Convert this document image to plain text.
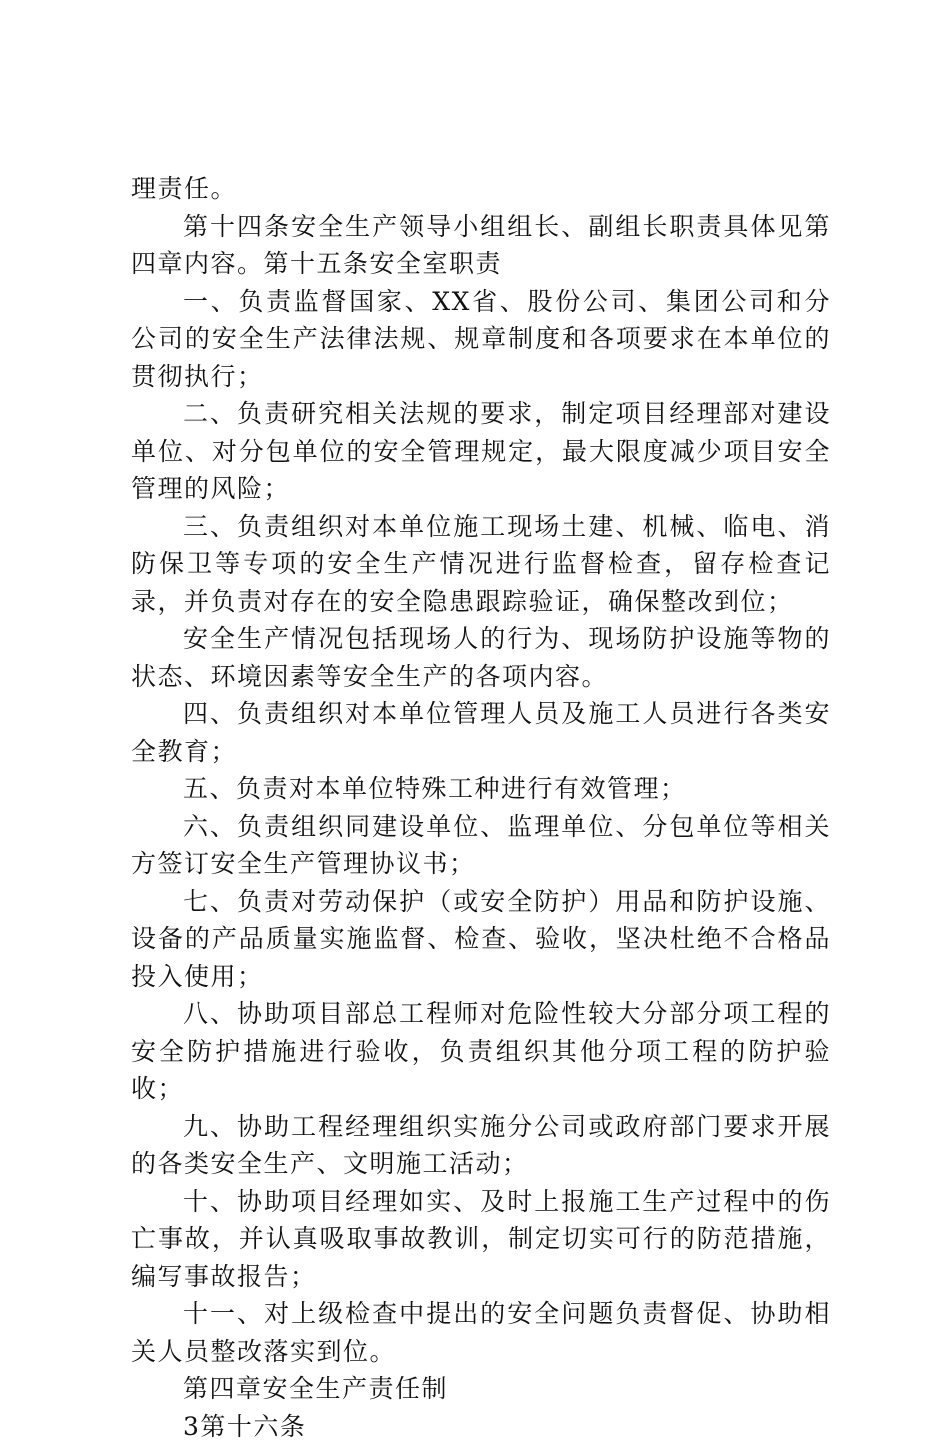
理责任。

第十四条安全生产领导小组组长、副组长职责具体见第四章内容。第十五条安全室职责

一、负责监督国家、XX省、股份公司、集团公司和分公司的安全生产法律法规、规章制度和各项要求在本单位的贯彻执行；

二、负责研究相关法规的要求，制定项目经理部对建设单位、对分包单位的安全管理规定，最大限度减少项目安全管理的风险；

三、负责组织对本单位施工现场土建、机械、临电、消防保卫等专项的安全生产情况进行监督检查，留存检查记录，并负责对存在的安全隐患跟踪验证，确保整改到位；

安全生产情况包括现场人的行为、现场防护设施等物的状态、环境因素等安全生产的各项内容。

四、负责组织对本单位管理人员及施工人员进行各类安全教育；

五、负责对本单位特殊工种进行有效管理；

六、负责组织同建设单位、监理单位、分包单位等相关方签订安全生产管理协议书；

七、负责对劳动保护（或安全防护）用品和防护设施、设备的产品质量实施监督、检查、验收，坚决杜绝不合格品投入使用；

八、协助项目部总工程师对危险性较大分部分项工程的安全防护措施进行验收，负责组织其他分项工程的防护验收；

九、协助工程经理组织实施分公司或政府部门要求开展的各类安全生产、文明施工活动；

十、协助项目经理如实、及时上报施工生产过程中的伤亡事故，并认真吸取事故教训，制定切实可行的防范措施，编写事故报告；

十一、对上级检查中提出的安全问题负责督促、协助相关人员整改落实到位。

第四章安全生产责任制

3第十六条
